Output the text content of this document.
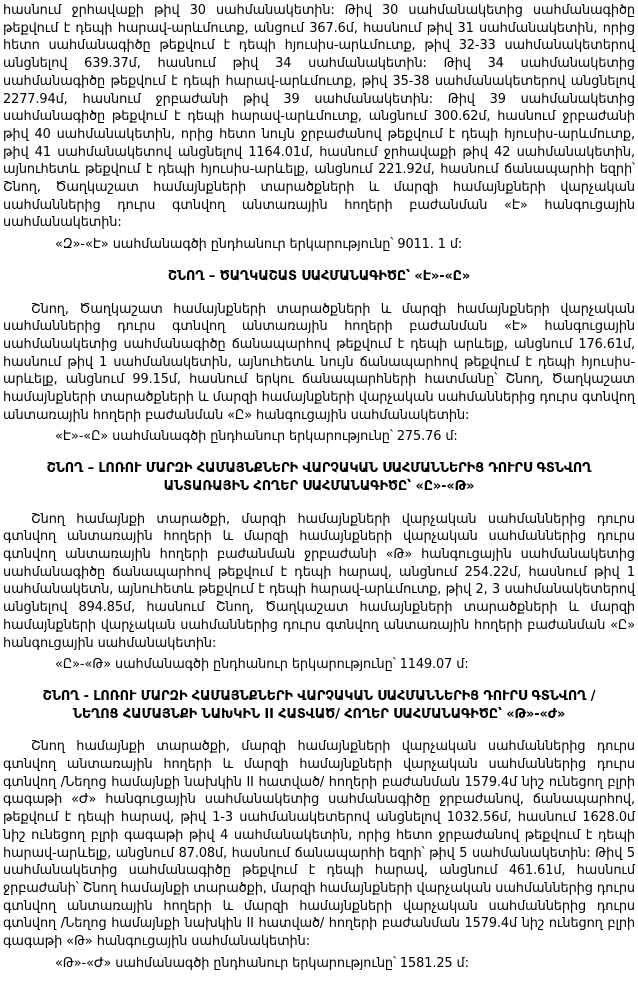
հասնում ջրհավաքի թիվ 30 սահմանակետին: Թիվ 30 սահմանակետից սահմանագիծը թեքվում է դեպի հարավ-արևմուտք, անցում 367.6մ, հասնում թիվ 31 սահմանակետին, որից հետո սահմանագիծը թեքվում է դեպի հյուսիս-արևմուտք, թիվ 32-33 սահմանակետերով անցնելով 639.37մ, հասնում թիվ 34 սահմանակետին: Թիվ 34 սահմանակետից սահմանագիծը թեքվում է դեպի հարավ-արևմուտք, թիվ 35-38 սահմանակետերով անցնելով 2277.94մ, հասնում ջրբաժանի թիվ 39 սահմանակետին: Թիվ 39 սահմանակետից սահմանագիծը թեքվում է դեպի հարավ-արևմուտք, անցնում 300.62մ, հասնում ջրբաժանի թիվ 40 սահմանակետին, որից հետո նույն ջրբաժանով թեքվում է դեպի հյուսիս-արևմուտք, թիվ 41 սահմանակետով անցնելով 1164.01մ, հասնում ջրհավաքի թիվ 42 սահմանակետին, այնուհետև թեքվում է դեպի հյուսիս-արևելք, անցնում 221.92մ, հասնում ճանապարհի եզրի՝ Շնող, Ծաղկաշատ համայնքների տարածքների և մարզի համայնքների վարչական սահմաններից դուրս գտնվող անտառային հողերի բաժանման «Է» հանգուցային սահմանակետին:

«Զ»-«Է» սահմանագծի ընդհանուր երկարությունը՝ 9011. 1 մ:

ՇՆՈՂ – ԾԱՂԿԱՇԱՏ ՍԱՀՄԱՆԱԳԻԾԸ՝ «Է»-«Ը»

Շնող, Ծաղկաշատ համայնքների տարածքների և մարզի համայնքների վարչական սահմաններից դուրս գտնվող անտառային հողերի բաժանման «Է» հանգուցային սահմանակետից սահմանագիծը ճանապարհով թեքվում է դեպի արևելք, անցնում 176.61մ, հասնում թիվ 1 սահմանակետին, այնուհետև նույն ճանապարհով թեքվում է դեպի հյուսիս-արևելք, անցնում 99.15մ, հասնում երկու ճանապարհների հատմանը՝ Շնող, Ծաղկաշատ համայնքների տարածքների և մարզի համայնքների վարչական սահմաններից դուրս գտնվող անտառային հողերի բաժանման «Ը» հանգուցային սահմանակետին:

«Է»-«Ը» սահմանագծի ընդհանուր երկարությունը՝ 275.76 մ:

ՇՆՈՂ – ԼՈՌՈՒ ՄԱՐԶԻ ՀԱՄԱՅՆՔՆԵՐԻ ՎԱՐՉԱԿԱՆ ՍԱՀՄԱՆՆԵՐԻՑ ԴՈՒՐՍ ԳՏՆՎՈՂ ԱՆՏԱՌԱՅԻՆ ՀՈՂԵՐ ՍԱՀՄԱՆԱԳԻԾԸ՝ «Ը»-«Թ»

Շնող համայնքի տարածքի, մարզի համայնքների վարչական սահմաններից դուրս գտնվող անտառային հողերի և մարզի համայնքների վարչական սահմաններից դուրս գտնվող անտառային հողերի բաժանման ջրբաժանի «Թ» հանգուցային սահմանակետից սահմանագիծը ճանապարհով թեքվում է դեպի հարավ, անցնում 254.22մ, հասնում թիվ 1 սահմանակետն, այնուհետև թեքվում է դեպի հարավ-արևմուտք, թիվ 2, 3 սահմանակետերով անցնելով 894.85մ, հասնում Շնող, Ծաղկաշատ համայնքների տարածքների և մարզի համայնքների վարչական սահմաններից դուրս գտնվող անտառային հողերի բաժանման «Ը» հանգուցային սահմանակետին:

«Ը»-«Թ» սահմանագծի ընդհանուր երկարությունը՝ 1149.07 մ:

ՇՆՈՂ - ԼՈՌՈՒ ՄԱՐԶԻ ՀԱՄԱՅՆՔՆԵՐԻ ՎԱՐՉԱԿԱՆ ՍԱՀՄԱՆՆԵՐԻՑ ԴՈՒՐՍ ԳՏՆՎՈՂ /ՆԵՂՈՑ ՀԱՄԱՅՆՔԻ ՆԱԽԿԻՆ II ՀԱՏՎԱԾ/ ՀՈՂԵՐ ՍԱՀՄԱՆԱԳԻԾԸ՝ «Թ»-«Ժ»

Շնող համայնքի տարածքի, մարզի համայնքների վարչական սահմաններից դուրս գտնվող անտառային հողերի և մարզի համայնքների վարչական սահմաններից դուրս գտնվող /Նեղոց համայնքի նախկին II հատված/ հողերի բաժանման 1579.4մ նիշ ունեցող բլրի գագաթի «Ժ» հանգուցային սահմանակետից սահմանագիծը ջրբաժանով, ճանապարհով, թեքվում է դեպի հարավ, թիվ 1-3 սահմանակետերով անցնելով 1032.56մ, հասնում 1628.0մ նիշ ունեցող բլրի գագաթի թիվ 4 սահմանակետին, որից հետո ջրբաժանով թեքվում է դեպի հարավ-արևելք, անցնում 87.08մ, հասնում ճանապարհի եզրի՝ թիվ 5 սահմանակետին: Թիվ 5 սահմանակետից սահմանագիծը թեքվում է դեպի հարավ, անցնում 461.61մ, հասնում ջրբաժանի՝ Շնող համայնքի տարածքի, մարզի համայնքների վարչական սահմաններից դուրս գտնվող անտառային հողերի և մարզի համայնքների վարչական սահմաններից դուրս գտնվող /Նեղոց համայնքի նախկին II հատված/ հողերի բաժանման 1579.4մ նիշ ունեցող բլրի գագաթի «Թ» հանգուցային սահմանակետին:

«Թ»-«Ժ» սահմանագծի ընդհանուր երկարությունը՝ 1581.25 մ:
